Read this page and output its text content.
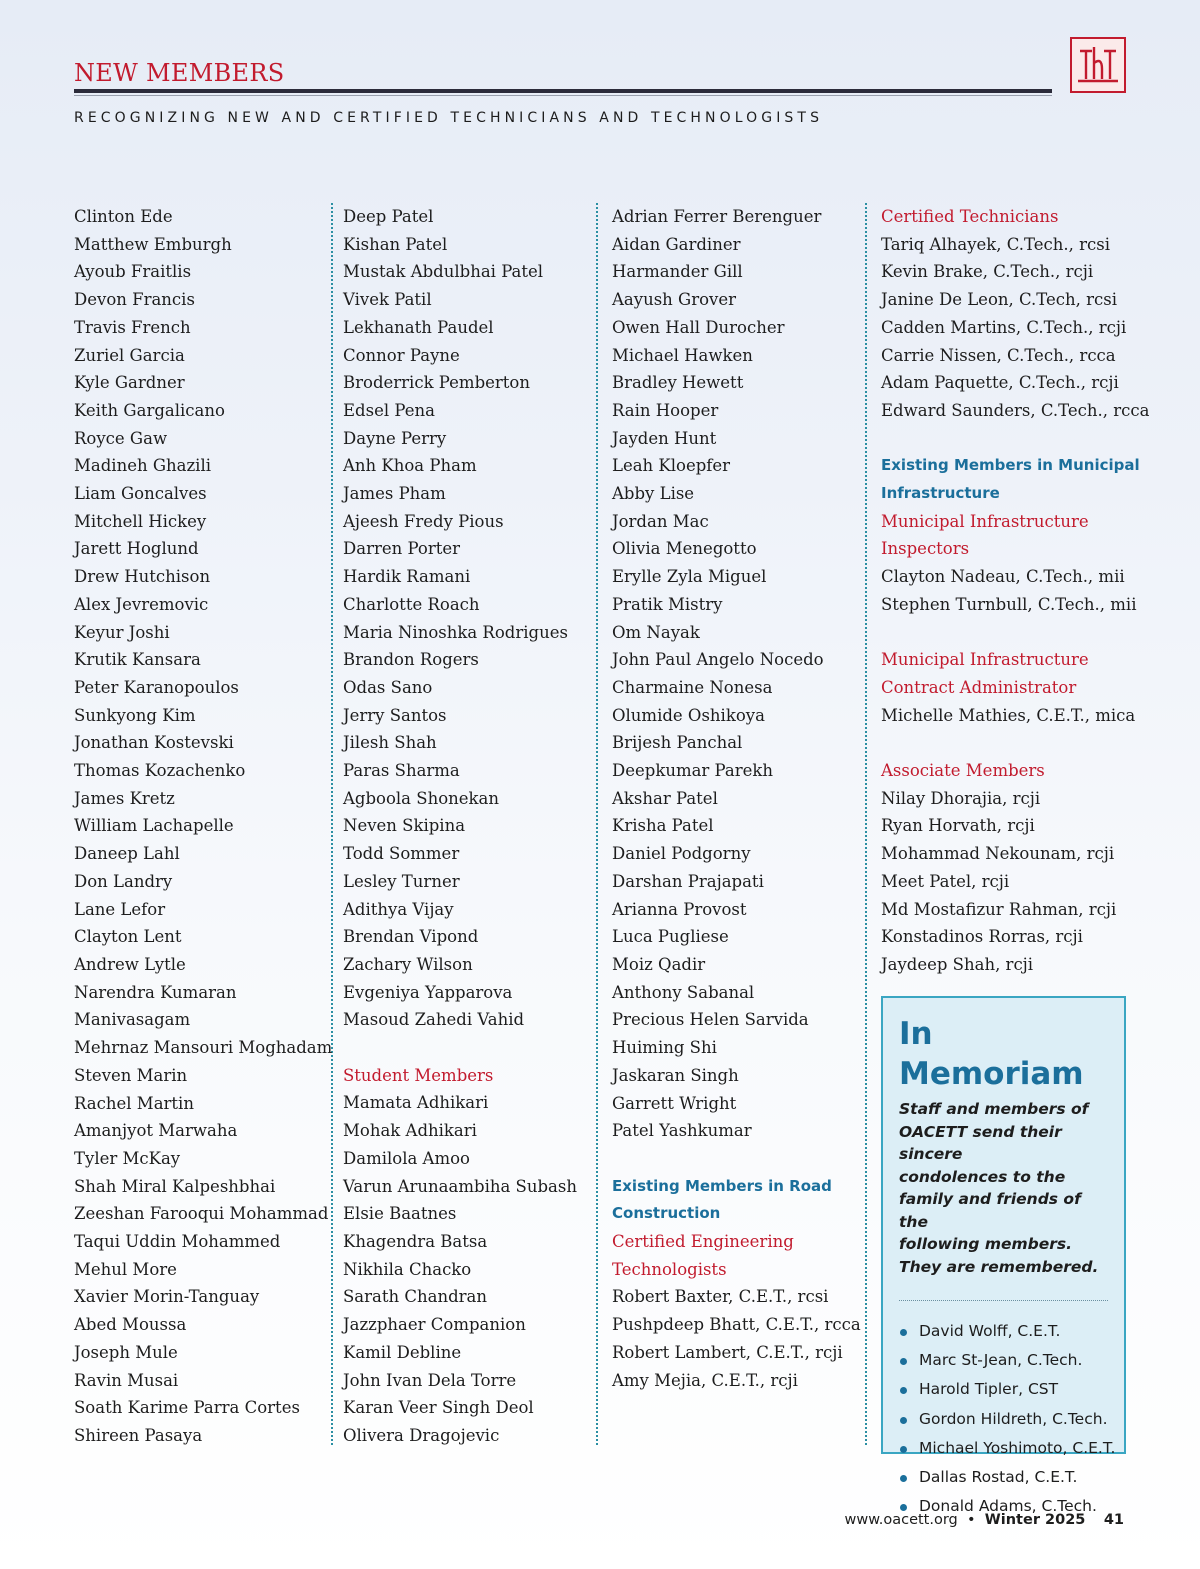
NEW MEMBERS
RECOGNIZING NEW AND CERTIFIED TECHNICIANS AND TECHNOLOGISTS
Clinton Ede
Matthew Emburgh
Ayoub Fraitlis
Devon Francis
Travis French
Zuriel Garcia
Kyle Gardner
Keith Gargalicano
Royce Gaw
Madineh Ghazili
Liam Goncalves
Mitchell Hickey
Jarett Hoglund
Drew Hutchison
Alex Jevremovic
Keyur Joshi
Krutik Kansara
Peter Karanopoulos
Sunkyong Kim
Jonathan Kostevski
Thomas Kozachenko
James Kretz
William Lachapelle
Daneep Lahl
Don Landry
Lane Lefor
Clayton Lent
Andrew Lytle
Narendra Kumaran
Manivasagam
Mehrnaz Mansouri Moghadam
Steven Marin
Rachel Martin
Amanjyot Marwaha
Tyler McKay
Shah Miral Kalpeshbhai
Zeeshan Farooqui Mohammad
Taqui Uddin Mohammed
Mehul More
Xavier Morin-Tanguay
Abed Moussa
Joseph Mule
Ravin Musai
Soath Karime Parra Cortes
Shireen Pasaya
Deep Patel
Kishan Patel
Mustak Abdulbhai Patel
Vivek Patil
Lekhanath Paudel
Connor Payne
Broderrick Pemberton
Edsel Pena
Dayne Perry
Anh Khoa Pham
James Pham
Ajeesh Fredy Pious
Darren Porter
Hardik Ramani
Charlotte Roach
Maria Ninoshka Rodrigues
Brandon Rogers
Odas Sano
Jerry Santos
Jilesh Shah
Paras Sharma
Agboola Shonekan
Neven Skipina
Todd Sommer
Lesley Turner
Adithya Vijay
Brendan Vipond
Zachary Wilson
Evgeniya Yapparova
Masoud Zahedi Vahid
Student Members
Mamata Adhikari
Mohak Adhikari
Damilola Amoo
Varun Arunaambiha Subash
Elsie Baatnes
Khagendra Batsa
Nikhila Chacko
Sarath Chandran
Jazzphaer Companion
Kamil Debline
John Ivan Dela Torre
Karan Veer Singh Deol
Olivera Dragojevic
Adrian Ferrer Berenguer
Aidan Gardiner
Harmander Gill
Aayush Grover
Owen Hall Durocher
Michael Hawken
Bradley Hewett
Rain Hooper
Jayden Hunt
Leah Kloepfer
Abby Lise
Jordan Mac
Olivia Menegotto
Erylle Zyla Miguel
Pratik Mistry
Om Nayak
John Paul Angelo Nocedo
Charmaine Nonesa
Olumide Oshikoya
Brijesh Panchal
Deepkumar Parekh
Akshar Patel
Krisha Patel
Daniel Podgorny
Darshan Prajapati
Arianna Provost
Luca Pugliese
Moiz Qadir
Anthony Sabanal
Precious Helen Sarvida
Huiming Shi
Jaskaran Singh
Garrett Wright
Patel Yashkumar
Existing Members in Road
Construction
Certified Engineering
Technologists
Robert Baxter, C.E.T., rcsi
Pushpdeep Bhatt, C.E.T., rcca
Robert Lambert, C.E.T., rcji
Amy Mejia, C.E.T., rcji
Certified Technicians
Tariq Alhayek, C.Tech., rcsi
Kevin Brake, C.Tech., rcji
Janine De Leon, C.Tech, rcsi
Cadden Martins, C.Tech., rcji
Carrie Nissen, C.Tech., rcca
Adam Paquette, C.Tech., rcji
Edward Saunders, C.Tech., rcca
Existing Members in Municipal
Infrastructure
Municipal Infrastructure
Inspectors
Clayton Nadeau, C.Tech., mii
Stephen Turnbull, C.Tech., mii
Municipal Infrastructure
Contract Administrator
Michelle Mathies, C.E.T., mica
Associate Members
Nilay Dhorajia, rcji
Ryan Horvath, rcji
Mohammad Nekounam, rcji
Meet Patel, rcji
Md Mostafizur Rahman, rcji
Konstadinos Rorras, rcji
Jaydeep Shah, rcji
In Memoriam
Staff and members of
OACETT send their sincere
condolences to the
family and friends of the
following members.
They are remembered.
David Wolff, C.E.T.
Marc St-Jean, C.Tech.
Harold Tipler, CST
Gordon Hildreth, C.Tech.
Michael Yoshimoto, C.E.T.
Dallas Rostad, C.E.T.
Donald Adams, C.Tech.
www.oacett.org • Winter 2025 41
